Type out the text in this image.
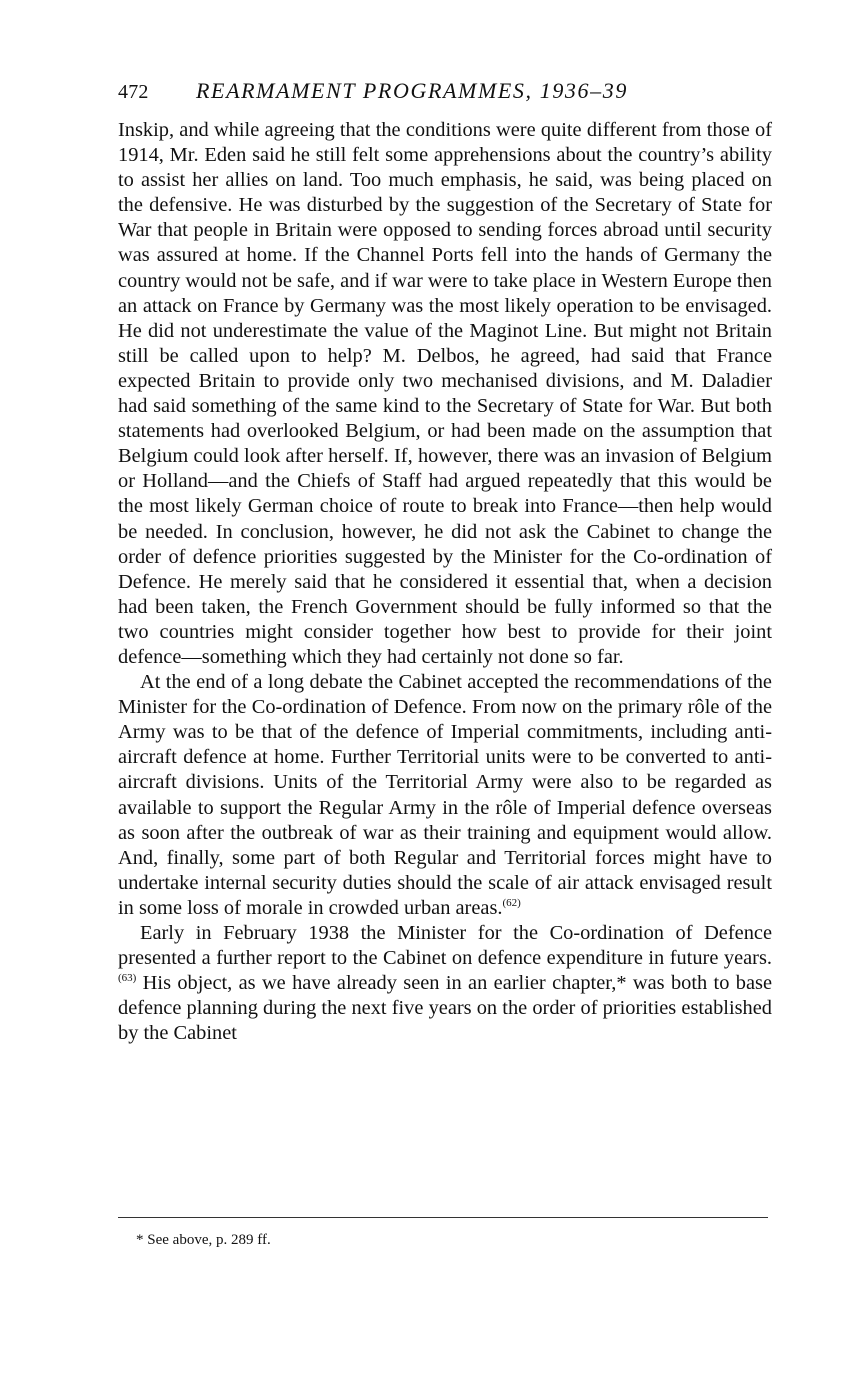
472	REARMAMENT PROGRAMMES, 1936–39

Inskip, and while agreeing that the conditions were quite different from those of 1914, Mr. Eden said he still felt some apprehensions about the country’s ability to assist her allies on land. Too much emphasis, he said, was being placed on the defensive. He was disturbed by the suggestion of the Secretary of State for War that people in Britain were opposed to sending forces abroad until security was assured at home. If the Channel Ports fell into the hands of Germany the country would not be safe, and if war were to take place in Western Europe then an attack on France by Germany was the most likely operation to be envisaged. He did not underestimate the value of the Maginot Line. But might not Britain still be called upon to help? M. Delbos, he agreed, had said that France expected Britain to provide only two mechanised divisions, and M. Daladier had said something of the same kind to the Secretary of State for War. But both statements had overlooked Belgium, or had been made on the assumption that Belgium could look after herself. If, however, there was an invasion of Belgium or Holland—and the Chiefs of Staff had argued repeatedly that this would be the most likely German choice of route to break into France—then help would be needed. In conclusion, however, he did not ask the Cabinet to change the order of defence priorities suggested by the Minister for the Co-ordination of Defence. He merely said that he considered it essential that, when a decision had been taken, the French Government should be fully informed so that the two countries might consider together how best to provide for their joint defence—something which they had certainly not done so far.

At the end of a long debate the Cabinet accepted the recommendations of the Minister for the Co-ordination of Defence. From now on the primary rôle of the Army was to be that of the defence of Imperial commitments, including anti-aircraft defence at home. Further Territorial units were to be converted to anti-aircraft divisions. Units of the Territorial Army were also to be regarded as available to support the Regular Army in the rôle of Imperial defence overseas as soon after the outbreak of war as their training and equipment would allow. And, finally, some part of both Regular and Territorial forces might have to undertake internal security duties should the scale of air attack envisaged result in some loss of morale in crowded urban areas.$^{(62)}$

Early in February 1938 the Minister for the Co-ordination of Defence presented a further report to the Cabinet on defence expenditure in future years.$^{(63)}$ His object, as we have already seen in an earlier chapter,* was both to base defence planning during the next five years on the order of priorities established by the Cabinet

* See above, p. 289 ff.
